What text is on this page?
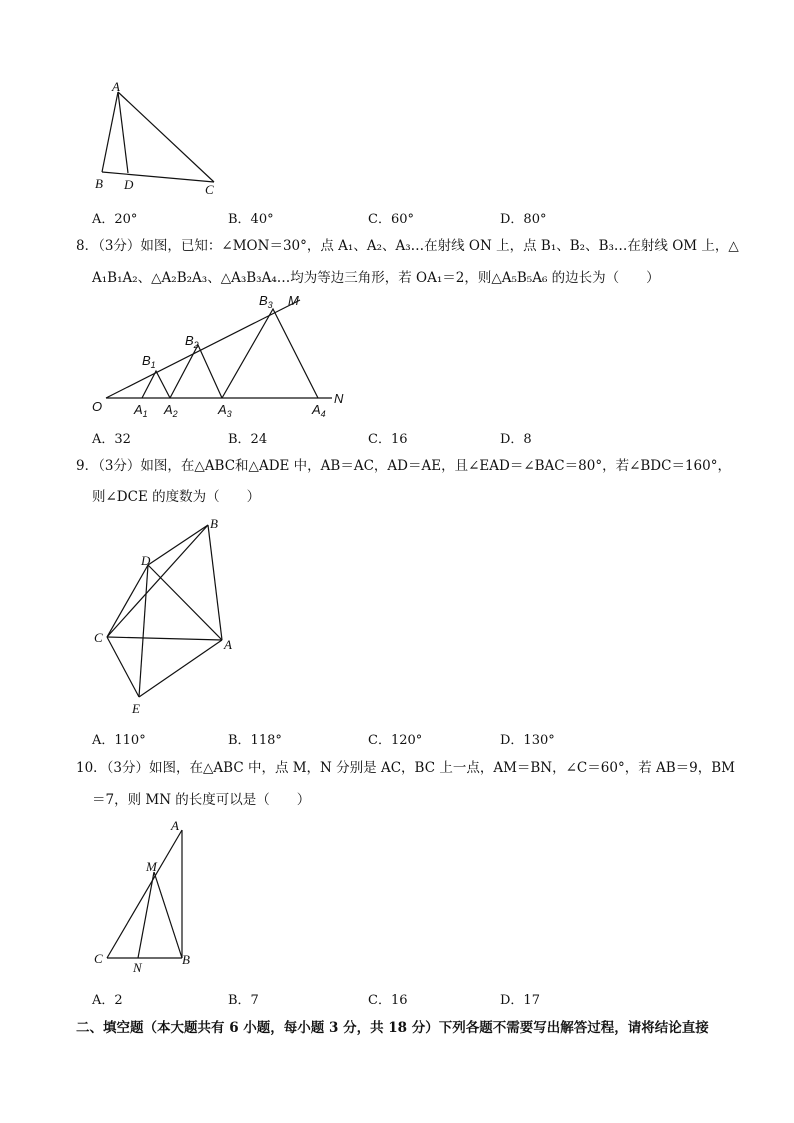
A
B D	C
A．20°	B．40°	C．60°	D．80°
8．（3分）如图，已知：∠MON＝30°，点 A₁、A₂、A₃…在射线 ON 上，点 B₁、B₂、B₃…在射线 OM 上，△
A₁B₁A₂、△A₂B₂A₃、△A₃B₃A₄…均为等边三角形，若 OA₁＝2，则△A₅B₅A₆ 的边长为（　　）
O
M
N
$A_1$ $A_2$	$A_3$	$A_4$
$B_1$
$B_2$
$B_3$
A．32	B．24	C．16	D．8
9．（3分）如图，在△ABC和△ADE 中，AB＝AC，AD＝AE，且∠EAD＝∠BAC＝80°，若∠BDC＝160°，
则∠DCE 的度数为（　　）
B
D
C	A
E
A．110°	B．118°	C．120°	D．130°
10．（3分）如图，在△ABC 中，点 M，N 分别是 AC，BC 上一点，AM＝BN，∠C＝60°，若 AB＝9，BM
＝7，则 MN 的长度可以是（　　）
A
M
C
N
B
A．2	B．7	C．16	D．17
二、填空题（本大题共有 6 小题，每小题 3 分，共 18 分）下列各题不需要写出解答过程，请将结论直接
